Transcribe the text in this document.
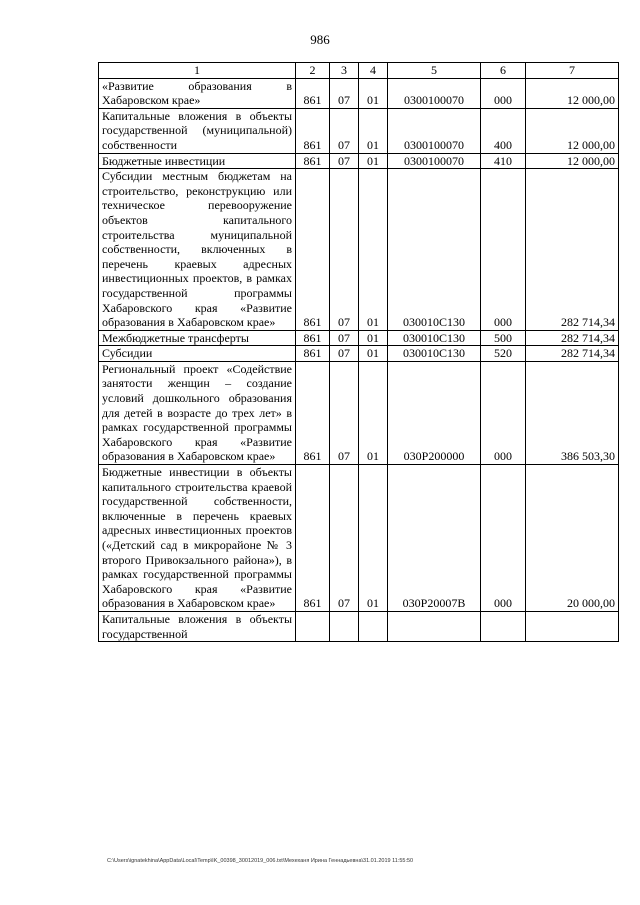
986
1	2	3	4	5	6	7
«Развитие образования в Хабаровском крае»	861	07	01	0300100070	000	12 000,00
Капитальные вложения в объекты государственной (муниципальной) собственности	861	07	01	0300100070	400	12 000,00
Бюджетные инвестиции	861	07	01	0300100070	410	12 000,00
Субсидии местным бюджетам на строительство, реконструкцию или техническое перевооружение объектов капитального строительства муниципальной собственности, включенных в перечень краевых адресных инвестиционных проектов, в рамках государственной программы Хабаровского края «Развитие образования в Хабаровском крае»	861	07	01	030010С130	000	282 714,34
Межбюджетные трансферты	861	07	01	030010С130	500	282 714,34
Субсидии	861	07	01	030010С130	520	282 714,34
Региональный проект «Содействие занятости женщин – создание условий дошкольного образования для детей в возрасте до трех лет» в рамках государственной программы Хабаровского края «Развитие образования в Хабаровском крае»	861	07	01	030Р200000	000	386 503,30
Бюджетные инвестиции в объекты капитального строительства краевой государственной собственности, включенные в перечень краевых адресных инвестиционных проектов («Детский сад в микрорайоне № 3 второго Привокзального района»), в рамках государственной программы Хабаровского края «Развитие образования в Хабаровском крае»	861	07	01	030Р20007В	000	20 000,00
Капитальные вложения в объекты государственной						
C:\Users\ignatekhina\AppData\Local\Temp\IK_00398_30012019_006.txt\Мехеханя Ирина Геннадьевна\31.01.2019 11:55:50
